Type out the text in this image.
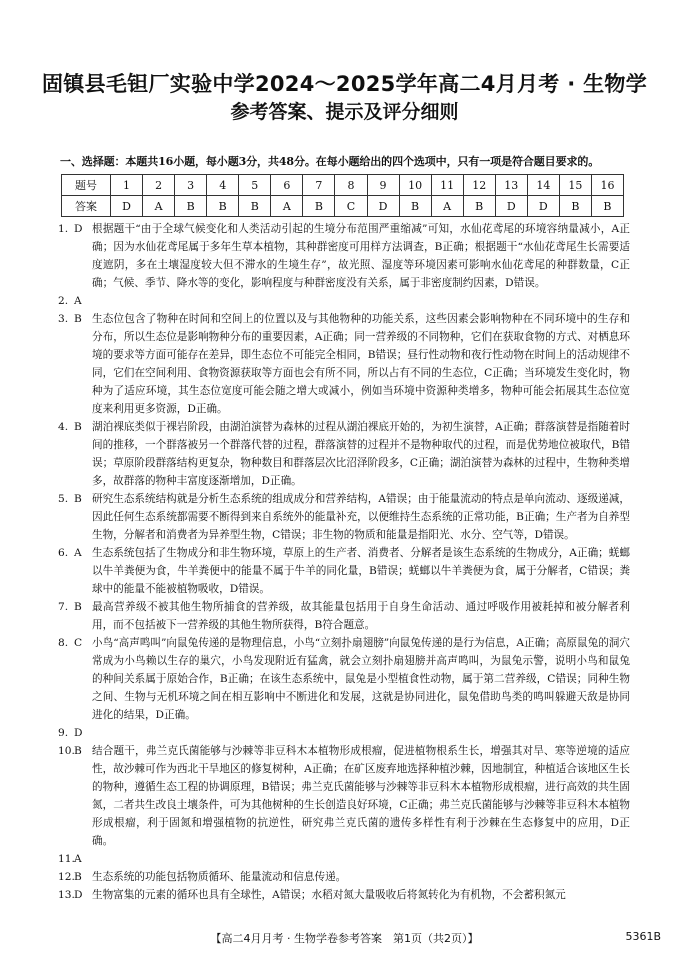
固镇县毛钽厂实验中学2024～2025学年高二4月月考 · 生物学
参考答案、提示及评分细则
一、选择题：本题共16小题，每小题3分，共48分。在每小题给出的四个选项中，只有一项是符合题目要求的。
题号	1	2	3	4	5	6	7	8	9	10	11	12	13	14	15	16
答案	D	A	B	B	B	A	B	C	D	B	A	B	D	D	B	B
1. D 根据题干“由于全球气候变化和人类活动引起的生境分布范围严重缩减”可知，水仙花鸢尾的环境容纳量减小，A正确；因为水仙花鸢尾属于多年生草本植物，其种群密度可用样方法调查，B正确；根据题干“水仙花鸢尾生长需要适度遮阴，多在土壤湿度较大但不滞水的生境生存”，故光照、湿度等环境因素可影响水仙花鸢尾的种群数量，C正确；气候、季节、降水等的变化，影响程度与种群密度没有关系，属于非密度制约因素，D错误。
2. A
3. B 生态位包含了物种在时间和空间上的位置以及与其他物种的功能关系，这些因素会影响物种在不同环境中的生存和分布，所以生态位是影响物种分布的重要因素，A正确；同一营养级的不同物种，它们在获取食物的方式、对栖息环境的要求等方面可能存在差异，即生态位不可能完全相同，B错误；昼行性动物和夜行性动物在时间上的活动规律不同，它们在空间利用、食物资源获取等方面也会有所不同，所以占有不同的生态位，C正确；当环境发生变化时，物种为了适应环境，其生态位宽度可能会随之增大或减小，例如当环境中资源种类增多，物种可能会拓展其生态位宽度来利用更多资源，D正确。
4. B 湖泊裸底类似于裸岩阶段，由湖泊演替为森林的过程从湖泊裸底开始的，为初生演替，A正确；群落演替是指随着时间的推移，一个群落被另一个群落代替的过程，群落演替的过程并不是物种取代的过程，而是优势地位被取代，B错误；草原阶段群落结构更复杂，物种数目和群落层次比沼泽阶段多，C正确；湖泊演替为森林的过程中，生物种类增多，故群落的物种丰富度逐渐增加，D正确。
5. B 研究生态系统结构就是分析生态系统的组成成分和营养结构，A错误；由于能量流动的特点是单向流动、逐级递减，因此任何生态系统都需要不断得到来自系统外的能量补充，以便维持生态系统的正常功能，B正确；生产者为自养型生物，分解者和消费者为异养型生物，C错误；非生物的物质和能量是指阳光、水分、空气等，D错误。
6. A 生态系统包括了生物成分和非生物环境，草原上的生产者、消费者、分解者是该生态系统的生物成分，A正确；蜣螂以牛羊粪便为食，牛羊粪便中的能量不属于牛羊的同化量，B错误；蜣螂以牛羊粪便为食，属于分解者，C错误；粪球中的能量不能被植物吸收，D错误。
7. B 最高营养级不被其他生物所捕食的营养级，故其能量包括用于自身生命活动、通过呼吸作用被耗掉和被分解者利用，而不包括被下一营养级的其他生物所获得，B符合题意。
8. C 小鸟“高声鸣叫”向鼠兔传递的是物理信息，小鸟“立刻扑扇翅膀”向鼠兔传递的是行为信息，A正确；高原鼠兔的洞穴常成为小鸟赖以生存的巢穴，小鸟发现附近有猛禽，就会立刻扑扇翅膀并高声鸣叫，为鼠兔示警，说明小鸟和鼠兔的种间关系属于原始合作，B正确；在该生态系统中，鼠兔是小型植食性动物，属于第二营养级，C错误；同种生物之间、生物与无机环境之间在相互影响中不断进化和发展，这就是协同进化，鼠兔借助鸟类的鸣叫躲避天敌是协同进化的结果，D正确。
9. D
10. B 结合题干，弗兰克氏菌能够与沙棘等非豆科木本植物形成根瘤，促进植物根系生长，增强其对旱、寒等逆境的适应性，故沙棘可作为西北干旱地区的修复树种，A正确；在矿区废弃地选择种植沙棘，因地制宜，种植适合该地区生长的物种，遵循生态工程的协调原理，B错误；弗兰克氏菌能够与沙棘等非豆科木本植物形成根瘤，进行高效的共生固氮，二者共生改良土壤条件，可为其他树种的生长创造良好环境，C正确；弗兰克氏菌能够与沙棘等非豆科木本植物形成根瘤，利于固氮和增强植物的抗逆性，研究弗兰克氏菌的遗传多样性有利于沙棘在生态修复中的应用，D正确。
11. A
12. B 生态系统的功能包括物质循环、能量流动和信息传递。
13. D 生物富集的元素的循环也具有全球性，A错误；水稻对氮大量吸收后将氮转化为有机物，不会蓄积氮元
【高二4月月考 · 生物学卷参考答案　第1页（共2页）】	5361B
